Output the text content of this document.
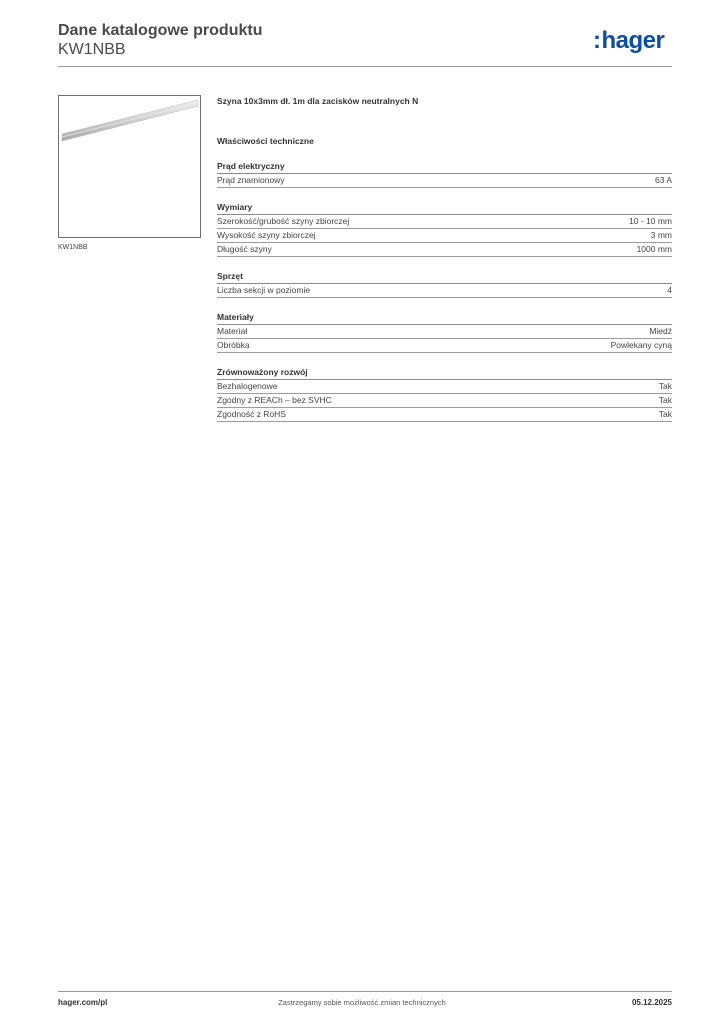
Dane katalogowe produktu
KW1NBB	:hager
KW1NBB
Szyna 10x3mm dł. 1m dla zacisków neutralnych N
Właściwości techniczne
Prąd elektryczny
Prąd znamionowy	63 A
Wymiary
Szerokość/grubość szyny zbiorczej	10 - 10 mm
Wysokość szyny zbiorczej	3 mm
Długość szyny	1000 mm
Sprzęt
Liczba sekcji w poziomie	4
Materiały
Materiał	Miedź
Obróbka	Powlekany cyną
Zrównoważony rozwój
Bezhalogenowe	Tak
Zgodny z REACh – bez SVHC	Tak
Zgodność z RoHS	Tak
hager.com/pl	Zastrzegamy sobie możliwość zmian technicznych	05.12.2025
